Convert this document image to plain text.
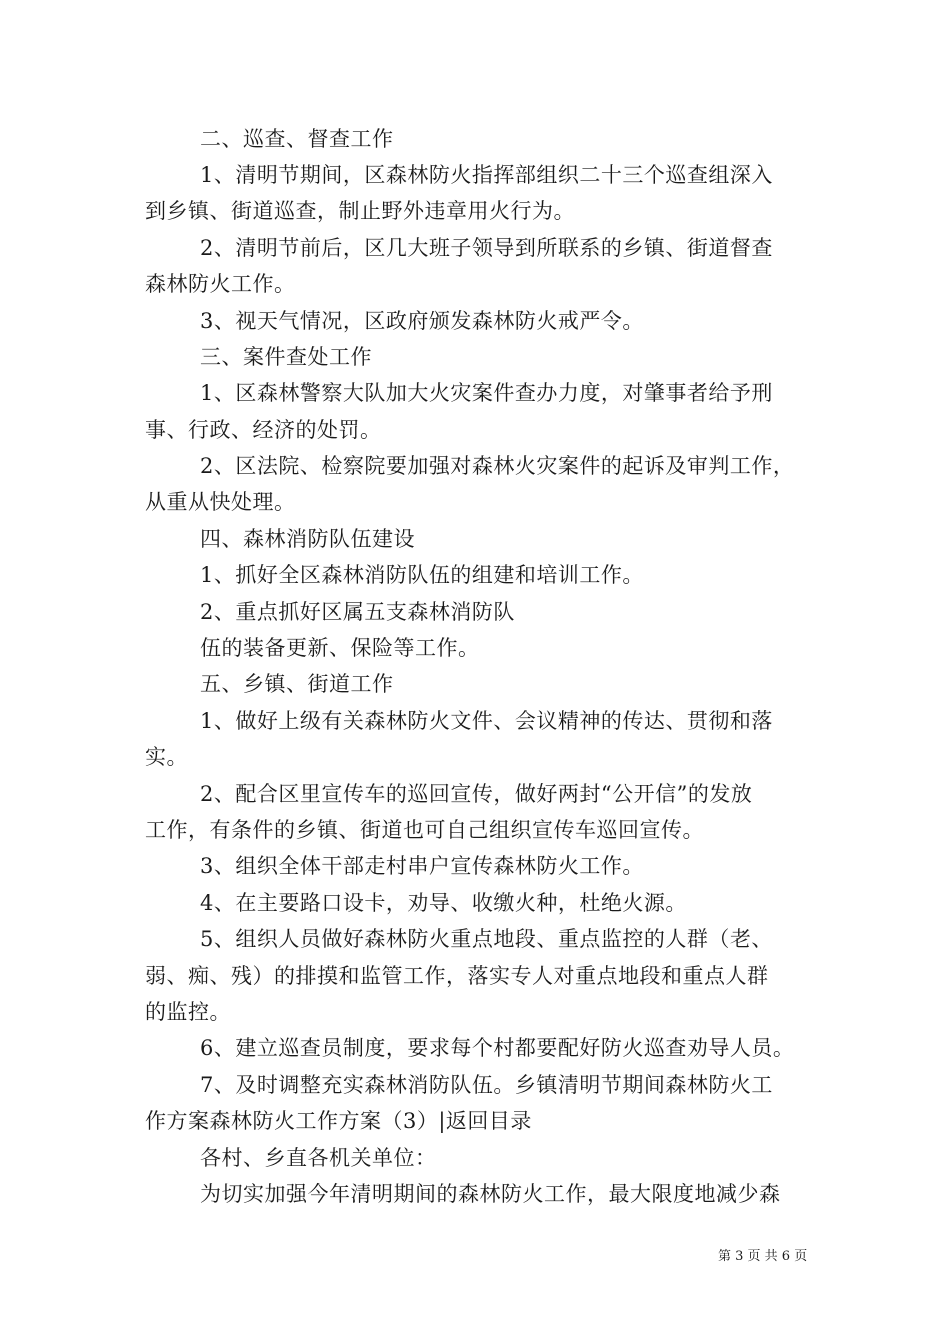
二、巡查、督查工作
1、清明节期间，区森林防火指挥部组织二十三个巡查组深入
到乡镇、街道巡查，制止野外违章用火行为。
2、清明节前后，区几大班子领导到所联系的乡镇、街道督查
森林防火工作。
3、视天气情况，区政府颁发森林防火戒严令。
三、案件查处工作
1、区森林警察大队加大火灾案件查办力度，对肇事者给予刑
事、行政、经济的处罚。
2、区法院、检察院要加强对森林火灾案件的起诉及审判工作，
从重从快处理。
四、森林消防队伍建设
1、抓好全区森林消防队伍的组建和培训工作。
2、重点抓好区属五支森林消防队
伍的装备更新、保险等工作。
五、乡镇、街道工作
1、做好上级有关森林防火文件、会议精神的传达、贯彻和落
实。
2、配合区里宣传车的巡回宣传，做好两封“公开信”的发放
工作，有条件的乡镇、街道也可自己组织宣传车巡回宣传。
3、组织全体干部走村串户宣传森林防火工作。
4、在主要路口设卡，劝导、收缴火种，杜绝火源。
5、组织人员做好森林防火重点地段、重点监控的人群（老、
弱、痴、残）的排摸和监管工作，落实专人对重点地段和重点人群
的监控。
6、建立巡查员制度，要求每个村都要配好防火巡查劝导人员。
7、及时调整充实森林消防队伍。乡镇清明节期间森林防火工
作方案森林防火工作方案（3）|返回目录
各村、乡直各机关单位：
为切实加强今年清明期间的森林防火工作，最大限度地减少森
第 3 页 共 6 页
